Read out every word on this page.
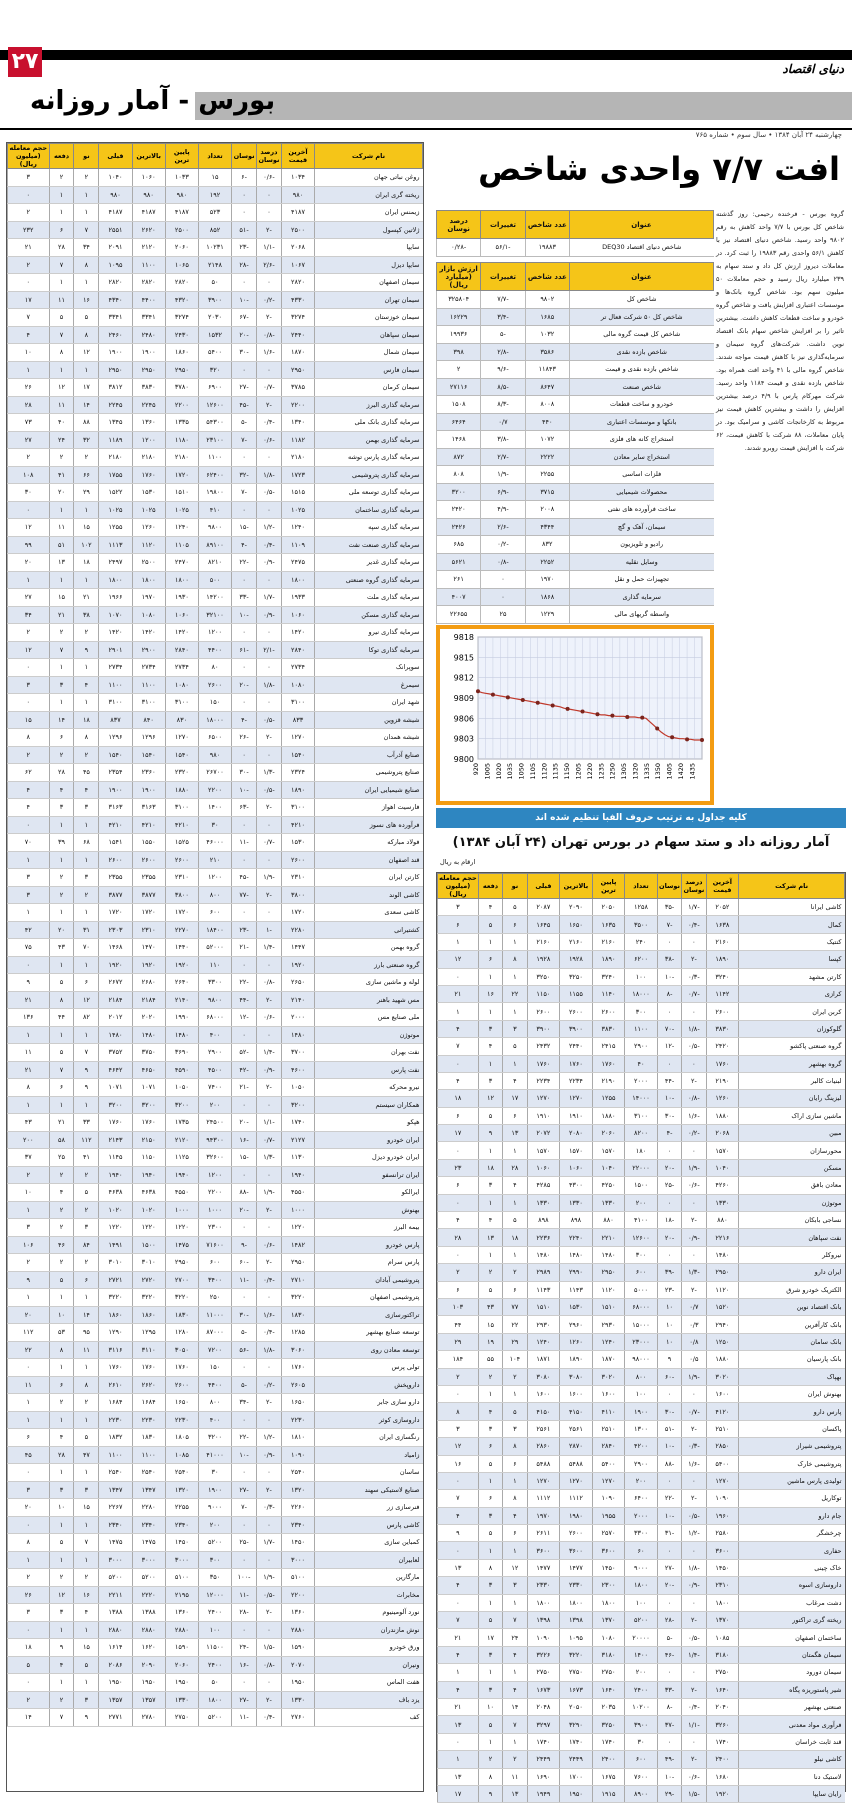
۲۷	دنیای اقتصاد
بورس - آمار روزانه
چهارشنبه ۲۴ آبان ۱۳۸۴ • سال سوم • شماره ۷۶۵
نام شرکت	آخرین قیمت	درصد نوسان	نوسان	تعداد	پایین ترین	بالاترین	قبلی	نو	دفعه	حجم معامله (میلیون ریال)
روغن نباتی جهان	۱۰۳۴	-۰/۶	-۶	۱۵	۱۰۳۳	۱۰۶۰	۱۰۴۰	۲	۲	۳
ریخته گری ایران	۹۸۰	۰	۰	۱۹۲	۹۸۰	۹۸۰	۹۸۰	۱	۱	۰
زیمنس ایران	۴۱۸۷	۰	۰	۵۲۳	۴۱۸۷	۴۱۸۷	۴۱۸۷	۱	۱	۲
ژلاتین کپسول	۲۵۰۰	-۲	-۵۱	۸۵۲	۲۵۰۰	۲۶۲۰	۲۵۵۱	۷	۶	۲۳۲
سایپا	۲۰۶۸	-۱/۱	-۲۳	۱۰۲۳۱	۲۰۶۰	۲۱۲۰	۲۰۹۱	۳۴	۲۸	۲۱
سایپا دیزل	۱۰۶۷	-۲/۶	-۲۸	۲۱۴۸	۱۰۶۵	۱۱۰۰	۱۰۹۵	۸	۷	۲
سیمان اصفهان	۲۸۲۰	۰	۰	۵۰	۲۸۲۰	۲۸۲۰	۲۸۲۰	۱	۱	۰
سیمان تهران	۴۳۳۰	-۰/۲	-۱۰	۳۹۰۰	۴۳۲۰	۴۴۰۰	۴۳۴۰	۱۶	۱۱	۱۷
سیمان خوزستان	۳۲۷۴	-۲	-۶۷	۲۰۳۰	۳۲۷۴	۳۳۴۱	۳۳۴۱	۵	۵	۷
سیمان سپاهان	۲۴۴۰	-۰/۸	-۲۰	۱۵۳۲	۲۴۳۰	۲۴۸۰	۲۴۶۰	۸	۷	۴
سیمان شمال	۱۸۷۰	-۱/۶	-۳۰	۵۴۰۰	۱۸۶۰	۱۹۰۰	۱۹۰۰	۱۲	۸	۱۰
سیمان فارس	۲۹۵۰	۰	۰	۳۲۰	۲۹۵۰	۲۹۵۰	۲۹۵۰	۱	۱	۱
سیمان کرمان	۳۷۸۵	-۰/۷	-۲۷	۶۹۰۰	۳۷۸۰	۳۸۳۰	۳۸۱۲	۱۷	۱۲	۲۶
سرمایه گذاری البرز	۲۲۰۰	-۲	-۴۵	۱۲۶۰۰	۲۲۰۰	۲۲۴۵	۲۲۴۵	۱۴	۱۱	۲۸
سرمایه گذاری بانک ملی	۱۳۴۰	-۰/۴	-۵	۵۴۳۰۰	۱۳۳۵	۱۳۶۰	۱۳۴۵	۸۸	۴۰	۷۳
سرمایه گذاری بهمن	۱۱۸۲	-۰/۶	-۷	۲۳۱۰۰	۱۱۸۰	۱۲۰۰	۱۱۸۹	۳۲	۲۴	۲۷
سرمایه گذاری پارس توشه	۲۱۸۰	۰	۰	۱۱۰۰	۲۱۸۰	۲۱۸۰	۲۱۸۰	۲	۲	۲
سرمایه گذاری پتروشیمی	۱۷۲۳	-۱/۸	-۳۲	۶۲۴۰۰	۱۷۲۰	۱۷۶۰	۱۷۵۵	۶۶	۴۱	۱۰۸
سرمایه گذاری توسعه ملی	۱۵۱۵	-۰/۵	-۷	۱۹۸۰۰	۱۵۱۰	۱۵۳۰	۱۵۲۲	۲۹	۲۰	۳۰
سرمایه گذاری ساختمان	۱۰۲۵	۰	۰	۴۱۰	۱۰۲۵	۱۰۲۵	۱۰۲۵	۱	۱	۰
سرمایه گذاری سپه	۱۲۴۰	-۱/۲	-۱۵	۹۸۰۰	۱۲۴۰	۱۲۶۰	۱۲۵۵	۱۵	۱۱	۱۲
سرمایه گذاری صنعت نفت	۱۱۰۹	-۰/۴	-۴	۸۹۱۰۰	۱۱۰۵	۱۱۲۰	۱۱۱۳	۱۰۲	۵۱	۹۹
سرمایه گذاری غدیر	۲۴۷۵	-۰/۹	-۲۲	۸۲۱۰	۲۴۷۰	۲۵۰۰	۲۴۹۷	۱۸	۱۳	۲۰
سرمایه گذاری گروه صنعتی	۱۸۰۰	۰	۰	۵۰۰	۱۸۰۰	۱۸۰۰	۱۸۰۰	۱	۱	۱
سرمایه گذاری ملت	۱۹۳۳	-۱/۷	-۳۳	۱۴۲۰۰	۱۹۳۰	۱۹۷۰	۱۹۶۶	۲۱	۱۵	۲۷
سرمایه گذاری مسکن	۱۰۶۰	-۰/۹	-۱۰	۳۲۱۰۰	۱۰۶۰	۱۰۸۰	۱۰۷۰	۳۸	۲۱	۳۴
سرمایه گذاری نیرو	۱۴۲۰	۰	۰	۱۲۰۰	۱۴۲۰	۱۴۲۰	۱۴۲۰	۲	۲	۲
سرمایه گذاری توکا	۲۸۴۰	-۲/۱	-۶۱	۴۴۰۰	۲۸۴۰	۲۹۰۰	۲۹۰۱	۹	۷	۱۲
سوپرانک	۲۷۳۴	۰	۰	۸۰	۲۷۳۴	۲۷۳۴	۲۷۳۴	۱	۱	۰
سیمرغ	۱۰۸۰	-۱/۸	-۲۰	۲۶۰۰	۱۰۸۰	۱۱۰۰	۱۱۰۰	۴	۳	۳
شهد ایران	۳۱۰۰	۰	۰	۱۵۰	۳۱۰۰	۳۱۰۰	۳۱۰۰	۱	۱	۰
شیشه قزوین	۸۳۳	-۰/۵	-۴	۱۸۰۰۰	۸۳۰	۸۴۰	۸۳۷	۱۸	۱۴	۱۵
شیشه همدان	۱۲۷۰	-۲	-۲۶	۶۵۰۰	۱۲۷۰	۱۲۹۶	۱۲۹۶	۸	۶	۸
صنایع آذرآب	۱۵۴۰	۰	۰	۹۸۰	۱۵۴۰	۱۵۴۰	۱۵۴۰	۲	۲	۲
صنایع پتروشیمی	۲۳۲۴	-۱/۳	-۳۰	۲۶۷۰۰	۲۳۲۰	۲۳۶۰	۲۳۵۴	۴۵	۲۸	۶۲
صنایع شیمیایی ایران	۱۸۹۰	-۰/۵	-۱۰	۲۲۰۰	۱۸۸۰	۱۹۰۰	۱۹۰۰	۴	۴	۴
فارسیت اهواز	۳۱۰۰	-۲	-۶۳	۱۴۰۰	۳۱۰۰	۳۱۶۳	۳۱۶۳	۳	۳	۴
فرآورده های نسوز	۴۲۱۰	۰	۰	۳۰	۴۲۱۰	۴۲۱۰	۴۲۱۰	۱	۱	۰
فولاد مبارکه	۱۵۳۰	-۰/۷	-۱۱	۴۶۰۰۰	۱۵۲۵	۱۵۵۰	۱۵۴۱	۶۸	۳۹	۷۰
قند اصفهان	۲۶۰۰	۰	۰	۲۱۰	۲۶۰۰	۲۶۰۰	۲۶۰۰	۱	۱	۱
کارتن ایران	۲۳۱۰	-۱/۹	-۴۵	۱۲۰۰	۲۳۱۰	۲۳۵۵	۲۳۵۵	۳	۲	۳
کاشی الوند	۳۸۰۰	-۲	-۷۷	۸۰۰	۳۸۰۰	۳۸۷۷	۳۸۷۷	۲	۲	۳
کاشی سعدی	۱۷۲۰	۰	۰	۶۰۰	۱۷۲۰	۱۷۲۰	۱۷۲۰	۱	۱	۱
کشتیرانی	۲۲۸۰	-۱	-۲۳	۱۸۴۰۰	۲۲۷۰	۲۳۱۰	۲۳۰۳	۳۱	۲۰	۴۲
گروه بهمن	۱۴۴۷	-۱/۴	-۲۱	۵۲۰۰۰	۱۴۴۰	۱۴۷۰	۱۴۶۸	۷۰	۴۳	۷۵
گروه صنعتی بارز	۱۹۲۰	۰	۰	۱۱۰	۱۹۲۰	۱۹۲۰	۱۹۲۰	۱	۱	۰
لوله و ماشین سازی	۲۶۵۰	-۰/۸	-۲۲	۳۳۰۰	۲۶۴۰	۲۶۸۰	۲۶۷۲	۶	۵	۹
مس شهید باهنر	۲۱۴۰	-۲	-۴۴	۹۸۰۰	۲۱۴۰	۲۱۸۴	۲۱۸۴	۱۲	۸	۲۱
ملی صنایع مس	۲۰۰۰	-۰/۶	-۱۲	۶۸۰۰۰	۱۹۹۰	۲۰۲۰	۲۰۱۲	۸۲	۴۴	۱۳۶
موتوژن	۱۴۸۰	۰	۰	۴۰۰	۱۴۸۰	۱۴۸۰	۱۴۸۰	۱	۱	۱
نفت بهران	۳۷۰۰	-۱/۴	-۵۲	۲۹۰۰	۳۶۹۰	۳۷۵۰	۳۷۵۲	۷	۵	۱۱
نفت پارس	۴۶۰۰	-۰/۹	-۴۲	۴۵۰۰	۴۵۹۰	۴۶۵۰	۴۶۴۲	۹	۷	۲۱
نیرو محرکه	۱۰۵۰	-۲	-۲۱	۷۴۰۰	۱۰۵۰	۱۰۷۱	۱۰۷۱	۹	۶	۸
همکاران سیستم	۳۲۰۰	۰	۰	۲۰۰	۳۲۰۰	۳۲۰۰	۳۲۰۰	۱	۱	۱
هپکو	۱۷۴۰	-۱/۱	-۲۰	۲۴۵۰۰	۱۷۳۵	۱۷۶۰	۱۷۶۰	۳۳	۲۱	۴۳
ایران خودرو	۲۱۲۷	-۰/۷	-۱۶	۹۴۳۰۰	۲۱۲۰	۲۱۵۰	۲۱۴۳	۱۱۲	۵۸	۲۰۰
ایران خودرو دیزل	۱۱۳۰	-۱/۳	-۱۵	۳۲۶۰۰	۱۱۲۵	۱۱۵۰	۱۱۴۵	۴۱	۲۵	۳۷
ایران ترانسفو	۱۹۴۰	۰	۰	۱۲۰۰	۱۹۴۰	۱۹۴۰	۱۹۴۰	۲	۲	۲
ایرالکو	۴۵۵۰	-۱/۹	-۸۸	۲۲۰۰	۴۵۵۰	۴۶۳۸	۴۶۳۸	۵	۴	۱۰
بهنوش	۱۰۰۰	-۲	-۲۰	۱۰۰۰	۱۰۰۰	۱۰۲۰	۱۰۲۰	۲	۲	۱
بیمه البرز	۱۲۲۰	۰	۰	۲۳۰۰	۱۲۲۰	۱۲۲۰	۱۲۲۰	۳	۲	۳
پارس خودرو	۱۴۸۲	-۰/۶	-۹	۷۱۶۰۰	۱۴۷۵	۱۵۰۰	۱۴۹۱	۸۴	۴۶	۱۰۶
پارس سرام	۲۹۵۰	-۲	-۶۰	۶۰۰	۲۹۵۰	۳۰۱۰	۳۰۱۰	۲	۲	۲
پتروشیمی آبادان	۲۷۱۰	-۰/۴	-۱۱	۳۴۰۰	۲۷۰۰	۲۷۲۰	۲۷۲۱	۶	۵	۹
پتروشیمی اصفهان	۳۲۲۰	۰	۰	۲۵۰	۳۲۲۰	۳۲۲۰	۳۲۲۰	۱	۱	۱
تراکتورسازی	۱۸۳۰	-۱/۶	-۳۰	۱۱۰۰۰	۱۸۳۰	۱۸۶۰	۱۸۶۰	۱۴	۱۰	۲۰
توسعه صنایع بهشهر	۱۲۸۵	-۰/۴	-۵	۸۷۰۰۰	۱۲۸۰	۱۲۹۵	۱۲۹۰	۹۵	۵۳	۱۱۲
توسعه معادن روی	۳۰۶۰	-۱/۸	-۵۶	۷۲۰۰	۳۰۵۰	۳۱۱۰	۳۱۱۶	۱۱	۸	۲۲
تولی پرس	۱۷۶۰	۰	۰	۱۵۰	۱۷۶۰	۱۷۶۰	۱۷۶۰	۱	۱	۰
داروپخش	۲۶۰۵	-۰/۲	-۵	۴۴۰۰	۲۶۰۰	۲۶۲۰	۲۶۱۰	۸	۶	۱۱
دارو سازی جابر	۱۶۵۰	-۲	-۳۴	۸۰۰	۱۶۵۰	۱۶۸۴	۱۶۸۴	۲	۲	۱
داروسازی کوثر	۲۲۳۰	۰	۰	۴۰۰	۲۲۳۰	۲۲۳۰	۲۲۳۰	۱	۱	۱
رنگسازی ایران	۱۸۱۰	-۱/۲	-۲۲	۳۲۰۰	۱۸۰۵	۱۸۳۰	۱۸۳۲	۵	۴	۶
زامیاد	۱۰۹۰	-۰/۹	-۱۰	۴۱۰۰۰	۱۰۸۵	۱۱۰۰	۱۱۰۰	۴۷	۲۸	۴۵
ساسان	۲۵۴۰	۰	۰	۳۰	۲۵۴۰	۲۵۴۰	۲۵۴۰	۱	۱	۰
صنایع لاستیکی سهند	۱۳۲۰	-۲	-۲۷	۱۹۰۰	۱۳۲۰	۱۳۴۷	۱۳۴۷	۳	۳	۳
فنرسازی زر	۲۲۶۰	-۰/۳	-۷	۹۰۰۰	۲۲۵۵	۲۲۸۰	۲۲۶۷	۱۵	۱۰	۲۰
کاشی پارس	۲۳۴۰	۰	۰	۲۰۰	۲۳۴۰	۲۳۴۰	۲۳۴۰	۱	۱	۰
کمباین سازی	۱۴۵۰	-۱/۷	-۲۵	۵۲۰۰	۱۴۵۰	۱۴۷۵	۱۴۷۵	۷	۵	۸
لعابیران	۳۰۰۰	۰	۰	۳۰۰	۳۰۰۰	۳۰۰۰	۳۰۰۰	۱	۱	۱
مارگارین	۵۱۰۰	-۱/۹	-۱۰۰	۳۵۰	۵۱۰۰	۵۲۰۰	۵۲۰۰	۲	۲	۲
مخابرات	۲۲۰۰	-۰/۵	-۱۱	۱۲۰۰۰	۲۱۹۵	۲۲۲۰	۲۲۱۱	۱۶	۱۲	۲۶
نورد آلومینیوم	۱۳۶۰	-۲	-۲۸	۲۴۰۰	۱۳۶۰	۱۳۸۸	۱۳۸۸	۴	۳	۳
نوش مازندران	۲۸۸۰	۰	۰	۱۰۰	۲۸۸۰	۲۸۸۰	۲۸۸۰	۱	۱	۰
ورق خودرو	۱۵۹۰	-۱/۵	-۲۴	۱۱۵۰۰	۱۵۹۰	۱۶۲۰	۱۶۱۴	۱۵	۹	۱۸
ونیران	۲۰۷۰	-۰/۸	-۱۶	۲۴۰۰	۲۰۶۰	۲۰۹۰	۲۰۸۶	۵	۴	۵
هفت الماس	۱۹۵۰	۰	۰	۵۰	۱۹۵۰	۱۹۵۰	۱۹۵۰	۱	۱	۰
یزد باف	۱۳۳۰	-۲	-۲۷	۱۸۰۰	۱۳۳۰	۱۳۵۷	۱۳۵۷	۳	۲	۲
کف	۲۷۶۰	-۰/۴	-۱۱	۵۲۰۰	۲۷۵۰	۲۷۸۰	۲۷۷۱	۹	۷	۱۴
افت ۷/۷ واحدی شاخص
گروه بورس - فرخنده رحیمی: روز گذشته شاخص کل بورس با ۷/۷ واحد کاهش به رقم ۹۸۰۲ واحد رسید. شاخص دنیای اقتصاد نیز با کاهش ۵۶/۱ واحدی رقم ۱۹۸۸۳ را ثبت کرد. در معاملات دیروز ارزش کل داد و ستد سهام به ۲۳۹ میلیارد ریال رسید و حجم معاملات ۵۰ میلیون سهم بود. شاخص گروه بانک‌ها و موسسات اعتباری افزایش یافت و شاخص گروه خودرو و ساخت قطعات کاهش داشت. بیشترین تاثیر را بر افزایش شاخص سهام بانک اقتصاد نوین داشت. شرکت‌های گروه سیمان و سرمایه‌گذاری نیز با کاهش قیمت مواجه شدند. شاخص گروه مالی با ۴۱ واحد افت همراه بود. شاخص بازده نقدی و قیمت ۱۱۸۴ واحد رسید. شرکت مهرکام پارس با ۴/۹ درصد بیشترین افزایش را داشت و بیشترین کاهش قیمت نیز مربوط به کارخانجات کاشی و سرامیک بود. در پایان معاملات، ۸۸ شرکت با کاهش قیمت، ۶۲ شرکت با افزایش قیمت روبرو شدند.
عنوان	عدد شاخص	تغییرات	درصد نوسان
شاخص دنیای اقتصاد DEQ30	۱۹۸۸۳	-۵۶/۱	-۰/۲۸
عنوان	عدد شاخص	تغییرات	ارزش بازار (میلیارد ریال)
شاخص کل	۹۸۰۲	-۷/۷	۳۲۵۸۰۴
شاخص کل ۵۰ شرکت فعال تر	۱۶۸۵	-۳/۴	۱۶۲۲۹
شاخص کل قیمت گروه مالی	۱۰۳۲	-۵	۱۹۹۳۶
شاخص بازده نقدی	۳۵۸۶	-۲/۸	۳۹۸
شاخص بازده نقدی و قیمت	۱۱۸۴۳	-۹/۶	۲
شاخص صنعت	۸۶۴۷	-۸/۵	۲۷۱۱۶
خودرو و ساخت قطعات	۸۰۰۸	-۸/۳	۱۵۰۸
بانکها و موسسات اعتباری	۴۴۰	۰/۷	۶۴۶۴
استخراج کانه های فلزی	۱۰۷۲	-۳/۸	۱۴۶۸
استخراج سایر معادن	۲۲۲۲	-۲/۷	۸۷۲
فلزات اساسی	۲۲۵۵	-۱/۹	۸۰۸
محصولات شیمیایی	۳۷۱۵	-۶/۹	۳۲۰۰
ساخت فرآورده های نفتی	۲۰۰۸	-۴/۹	۲۴۲۰
سیمان، آهک و گچ	۴۳۴۴	-۲/۶	۲۴۲۶
رادیو و تلویزیون	۸۳۲	-۰/۲	۶۸۵
وسایل نقلیه	۲۲۵۲	-۰/۸	۵۶۲۱
تجهیزات حمل و نقل	۱۹۷۰	۰	۲۶۱
سرمایه گذاری	۱۸۶۸	۰	۴۰۰۷
واسطه گریهای مالی	۱۲۲۹	۲۵	۲۲۶۵۵
9800
9803
9806
9809
9812
9815
9818
920 1005 1020 1035 1050 1105 1120 1135 1150 1205 1220 1235 1250 1305 1320 1335 1350 1405 1420 1435
کلیه جداول به ترتیب حروف الفبا تنظیم شده اند
آمار روزانه داد و ستد سهام در بورس تهران (۲۴ آبان ۱۳۸۴)
ارقام به ریال
نام شرکت	آخرین قیمت	درصد نوسان	نوسان	تعداد	پایین ترین	بالاترین	قبلی	نو	دفعه	حجم معامله (میلیون ریال)
کاشی ایرانا	۲۰۵۲	-۱/۷	-۳۵	۱۲۵۸	۲۰۵۰	۲۰۹۰	۲۰۸۷	۵	۴	۳
کمال	۱۶۳۸	-۰/۴	-۷	۳۵۰۰	۱۶۳۵	۱۶۵۰	۱۶۴۵	۶	۵	۶
کنتیک	۲۱۶۰	۰	۰	۲۴۰	۲۱۶۰	۲۱۶۰	۲۱۶۰	۱	۱	۱
کپسا	۱۸۹۰	-۲	-۳۸	۶۲۰۰	۱۸۹۰	۱۹۲۸	۱۹۲۸	۸	۶	۱۲
کارتن مشهد	۳۲۴۰	-۰/۳	-۱۰	۱۰۰	۳۲۴۰	۳۲۵۰	۳۲۵۰	۱	۱	۰
کرازی	۱۱۴۲	-۰/۷	-۸	۱۸۰۰۰	۱۱۴۰	۱۱۵۵	۱۱۵۰	۲۲	۱۶	۲۱
کربن ایران	۲۶۰۰	۰	۰	۳۰۰	۲۶۰۰	۲۶۰۰	۲۶۰۰	۱	۱	۱
گلوکوزان	۳۸۳۰	-۱/۸	-۷۰	۱۱۰۰	۳۸۳۰	۳۹۰۰	۳۹۰۰	۳	۳	۴
گروه صنعتی پاکشو	۲۴۲۰	-۰/۵	-۱۲	۲۹۰۰	۲۴۱۵	۲۴۴۰	۲۴۳۲	۵	۴	۷
گروه بهشهر	۱۷۶۰	۰	۰	۴۰	۱۷۶۰	۱۷۶۰	۱۷۶۰	۱	۱	۰
لبنیات کالبر	۲۱۹۰	-۲	-۴۴	۲۰۰۰	۲۱۹۰	۲۲۳۴	۲۲۳۴	۴	۳	۴
لیزینگ رایان	۱۲۶۰	-۰/۸	-۱۰	۱۴۰۰۰	۱۲۵۵	۱۲۷۰	۱۲۷۰	۱۷	۱۲	۱۸
ماشین سازی اراک	۱۸۸۰	-۱/۶	-۳۰	۳۱۰۰	۱۸۸۰	۱۹۱۰	۱۹۱۰	۶	۵	۶
مبین	۲۰۶۸	-۰/۲	-۴	۸۲۰۰	۲۰۶۰	۲۰۸۰	۲۰۷۲	۱۳	۹	۱۷
محورسازان	۱۵۷۰	۰	۰	۱۸۰	۱۵۷۰	۱۵۷۰	۱۵۷۰	۱	۱	۰
مسکن	۱۰۴۰	-۱/۹	-۲۰	۲۲۰۰۰	۱۰۴۰	۱۰۶۰	۱۰۶۰	۲۸	۱۸	۲۳
معادن بافق	۴۲۶۰	-۰/۶	-۲۵	۱۵۰۰	۴۲۵۰	۴۳۰۰	۴۲۸۵	۴	۳	۶
موتوژن	۱۳۳۰	۰	۰	۲۰۰	۱۳۳۰	۱۳۳۰	۱۳۳۰	۱	۱	۰
نساجی بابکان	۸۸۰	-۲	-۱۸	۴۱۰۰	۸۸۰	۸۹۸	۸۹۸	۵	۴	۴
نفت سپاهان	۲۲۱۶	-۰/۹	-۲۰	۱۲۶۰۰	۲۲۱۰	۲۲۴۰	۲۲۳۶	۱۸	۱۳	۲۸
نیروکلر	۱۴۸۰	۰	۰	۳۰۰	۱۴۸۰	۱۴۸۰	۱۴۸۰	۱	۱	۰
ایران دارو	۲۹۵۰	-۱/۳	-۳۹	۶۰۰	۲۹۵۰	۲۹۹۰	۲۹۸۹	۲	۲	۲
الکتریک خودرو شرق	۱۱۲۰	-۲	-۲۳	۵۰۰۰	۱۱۲۰	۱۱۴۳	۱۱۴۳	۶	۵	۶
بانک اقتصاد نوین	۱۵۲۰	۰/۷	۱۰	۶۸۰۰۰	۱۵۱۰	۱۵۳۰	۱۵۱۰	۷۷	۴۳	۱۰۳
بانک کارآفرین	۲۹۴۰	۰/۳	۱۰	۱۵۰۰۰	۲۹۳۰	۲۹۶۰	۲۹۳۰	۲۲	۱۵	۴۴
بانک سامان	۱۲۵۰	۰/۸	۱۰	۲۳۰۰۰	۱۲۴۰	۱۲۶۰	۱۲۴۰	۲۹	۱۹	۲۹
بانک پارسیان	۱۸۸۰	۰/۵	۹	۹۸۰۰۰	۱۸۷۰	۱۸۹۰	۱۸۷۱	۱۰۴	۵۵	۱۸۴
بهپاک	۳۰۲۰	-۱/۹	-۶۰	۸۰۰	۳۰۲۰	۳۰۸۰	۳۰۸۰	۲	۲	۲
بهنوش ایران	۱۶۰۰	۰	۰	۱۰۰	۱۶۰۰	۱۶۰۰	۱۶۰۰	۱	۱	۰
پارس دارو	۴۱۲۰	-۰/۷	-۳۰	۱۹۰۰	۴۱۱۰	۴۱۵۰	۴۱۵۰	۵	۴	۸
پاکسان	۲۵۱۰	-۲	-۵۱	۱۳۰۰	۲۵۱۰	۲۵۶۱	۲۵۶۱	۳	۳	۳
پتروشیمی شیراز	۲۸۵۰	-۰/۳	-۱۰	۴۲۰۰	۲۸۴۰	۲۸۷۰	۲۸۶۰	۸	۶	۱۲
پتروشیمی خارک	۵۴۰۰	-۱/۶	-۸۸	۲۹۰۰	۵۴۰۰	۵۴۸۸	۵۴۸۸	۶	۵	۱۶
تولیدی پارس ماشین	۱۲۷۰	۰	۰	۲۰۰	۱۲۷۰	۱۲۷۰	۱۲۷۰	۱	۱	۰
توکاریل	۱۰۹۰	-۲	-۲۲	۶۴۰۰	۱۰۹۰	۱۱۱۲	۱۱۱۲	۸	۶	۷
جام دارو	۱۹۶۰	-۰/۵	-۱۰	۲۰۰۰	۱۹۵۵	۱۹۸۰	۱۹۷۰	۴	۳	۴
چرخشگر	۲۵۸۰	-۱/۲	-۳۱	۳۳۰۰	۲۵۷۰	۲۶۰۰	۲۶۱۱	۶	۵	۹
حفاری	۳۶۰۰	۰	۰	۶۰	۳۶۰۰	۳۶۰۰	۳۶۰۰	۱	۱	۰
خاک چینی	۱۴۵۰	-۱/۸	-۲۷	۹۰۰۰	۱۴۵۰	۱۴۷۷	۱۴۷۷	۱۲	۸	۱۳
داروسازی اسوه	۲۳۱۰	-۰/۹	-۲۰	۱۸۰۰	۲۳۰۰	۲۳۳۰	۲۳۳۰	۳	۳	۴
دشت مرغاب	۱۸۰۰	۰	۰	۱۰۰	۱۸۰۰	۱۸۰۰	۱۸۰۰	۱	۱	۰
ریخته گری تراکتور	۱۳۷۰	-۲	-۲۸	۵۲۰۰	۱۳۷۰	۱۳۹۸	۱۳۹۸	۷	۵	۷
ساختمان اصفهان	۱۰۸۵	-۰/۵	-۵	۲۰۰۰۰	۱۰۸۰	۱۰۹۵	۱۰۹۰	۲۴	۱۷	۲۱
سیمان هگمتان	۳۱۸۰	-۱/۴	-۴۶	۱۴۰۰	۳۱۸۰	۳۲۲۰	۳۲۲۶	۴	۳	۴
سیمان دورود	۲۷۵۰	۰	۰	۲۰۰	۲۷۵۰	۲۷۵۰	۲۷۵۰	۱	۱	۱
شیر پاستوریزه پگاه	۱۶۴۰	-۲	-۳۳	۲۴۰۰	۱۶۴۰	۱۶۷۳	۱۶۷۳	۴	۳	۴
صنعتی بهشهر	۲۰۴۰	-۰/۴	-۸	۱۰۲۰۰	۲۰۳۵	۲۰۵۰	۲۰۴۸	۱۴	۱۰	۲۱
فرآوری مواد معدنی	۳۲۶۰	-۱/۱	-۳۷	۳۹۰۰	۳۲۵۰	۳۲۹۰	۳۲۹۷	۷	۵	۱۳
قند ثابت خراسان	۱۷۴۰	۰	۰	۳۰	۱۷۴۰	۱۷۴۰	۱۷۴۰	۱	۱	۰
کاشی نیلو	۲۴۰۰	-۲	-۴۹	۶۰۰	۲۴۰۰	۲۴۴۹	۲۴۴۹	۲	۲	۱
لاستیک دنا	۱۶۸۰	-۰/۶	-۱۰	۷۶۰۰	۱۶۷۵	۱۷۰۰	۱۶۹۰	۱۱	۸	۱۳
رایان سایپا	۱۹۲۰	-۱/۵	-۲۹	۸۹۰۰	۱۹۱۵	۱۹۵۰	۱۹۴۹	۱۳	۹	۱۷
